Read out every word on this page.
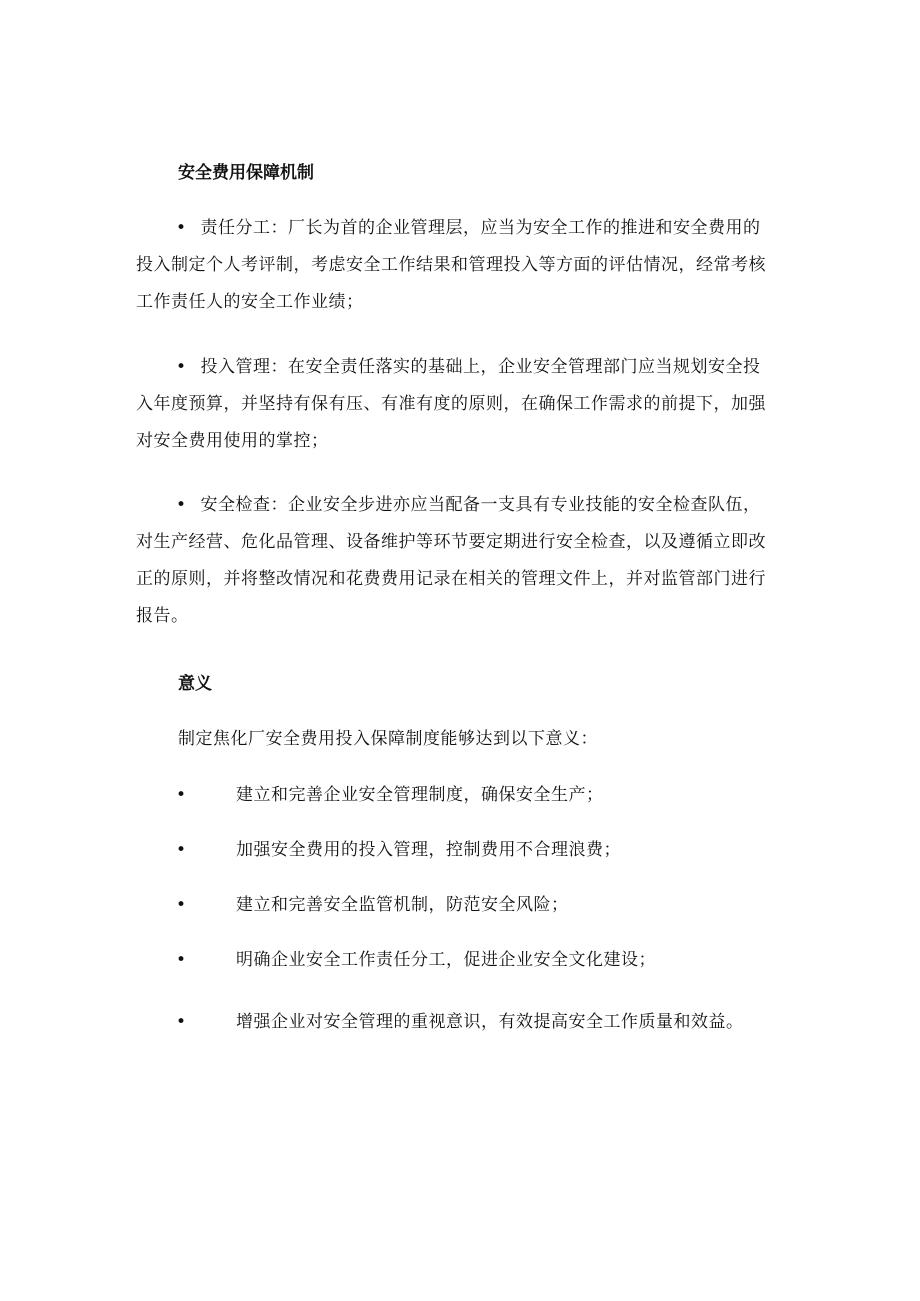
安全费用保障机制
• 责任分工：厂长为首的企业管理层，应当为安全工作的推进和安全费用的投入制定个人考评制，考虑安全工作结果和管理投入等方面的评估情况，经常考核工作责任人的安全工作业绩；
• 投入管理：在安全责任落实的基础上，企业安全管理部门应当规划安全投入年度预算，并坚持有保有压、有准有度的原则，在确保工作需求的前提下，加强对安全费用使用的掌控；
• 安全检查：企业安全步进亦应当配备一支具有专业技能的安全检查队伍，对生产经营、危化品管理、设备维护等环节要定期进行安全检查，以及遵循立即改正的原则，并将整改情况和花费费用记录在相关的管理文件上，并对监管部门进行报告。
意义
制定焦化厂安全费用投入保障制度能够达到以下意义：
•	建立和完善企业安全管理制度，确保安全生产；
•	加强安全费用的投入管理，控制费用不合理浪费；
•	建立和完善安全监管机制，防范安全风险；
•	明确企业安全工作责任分工，促进企业安全文化建设；
•	增强企业对安全管理的重视意识，有效提高安全工作质量和效益。
